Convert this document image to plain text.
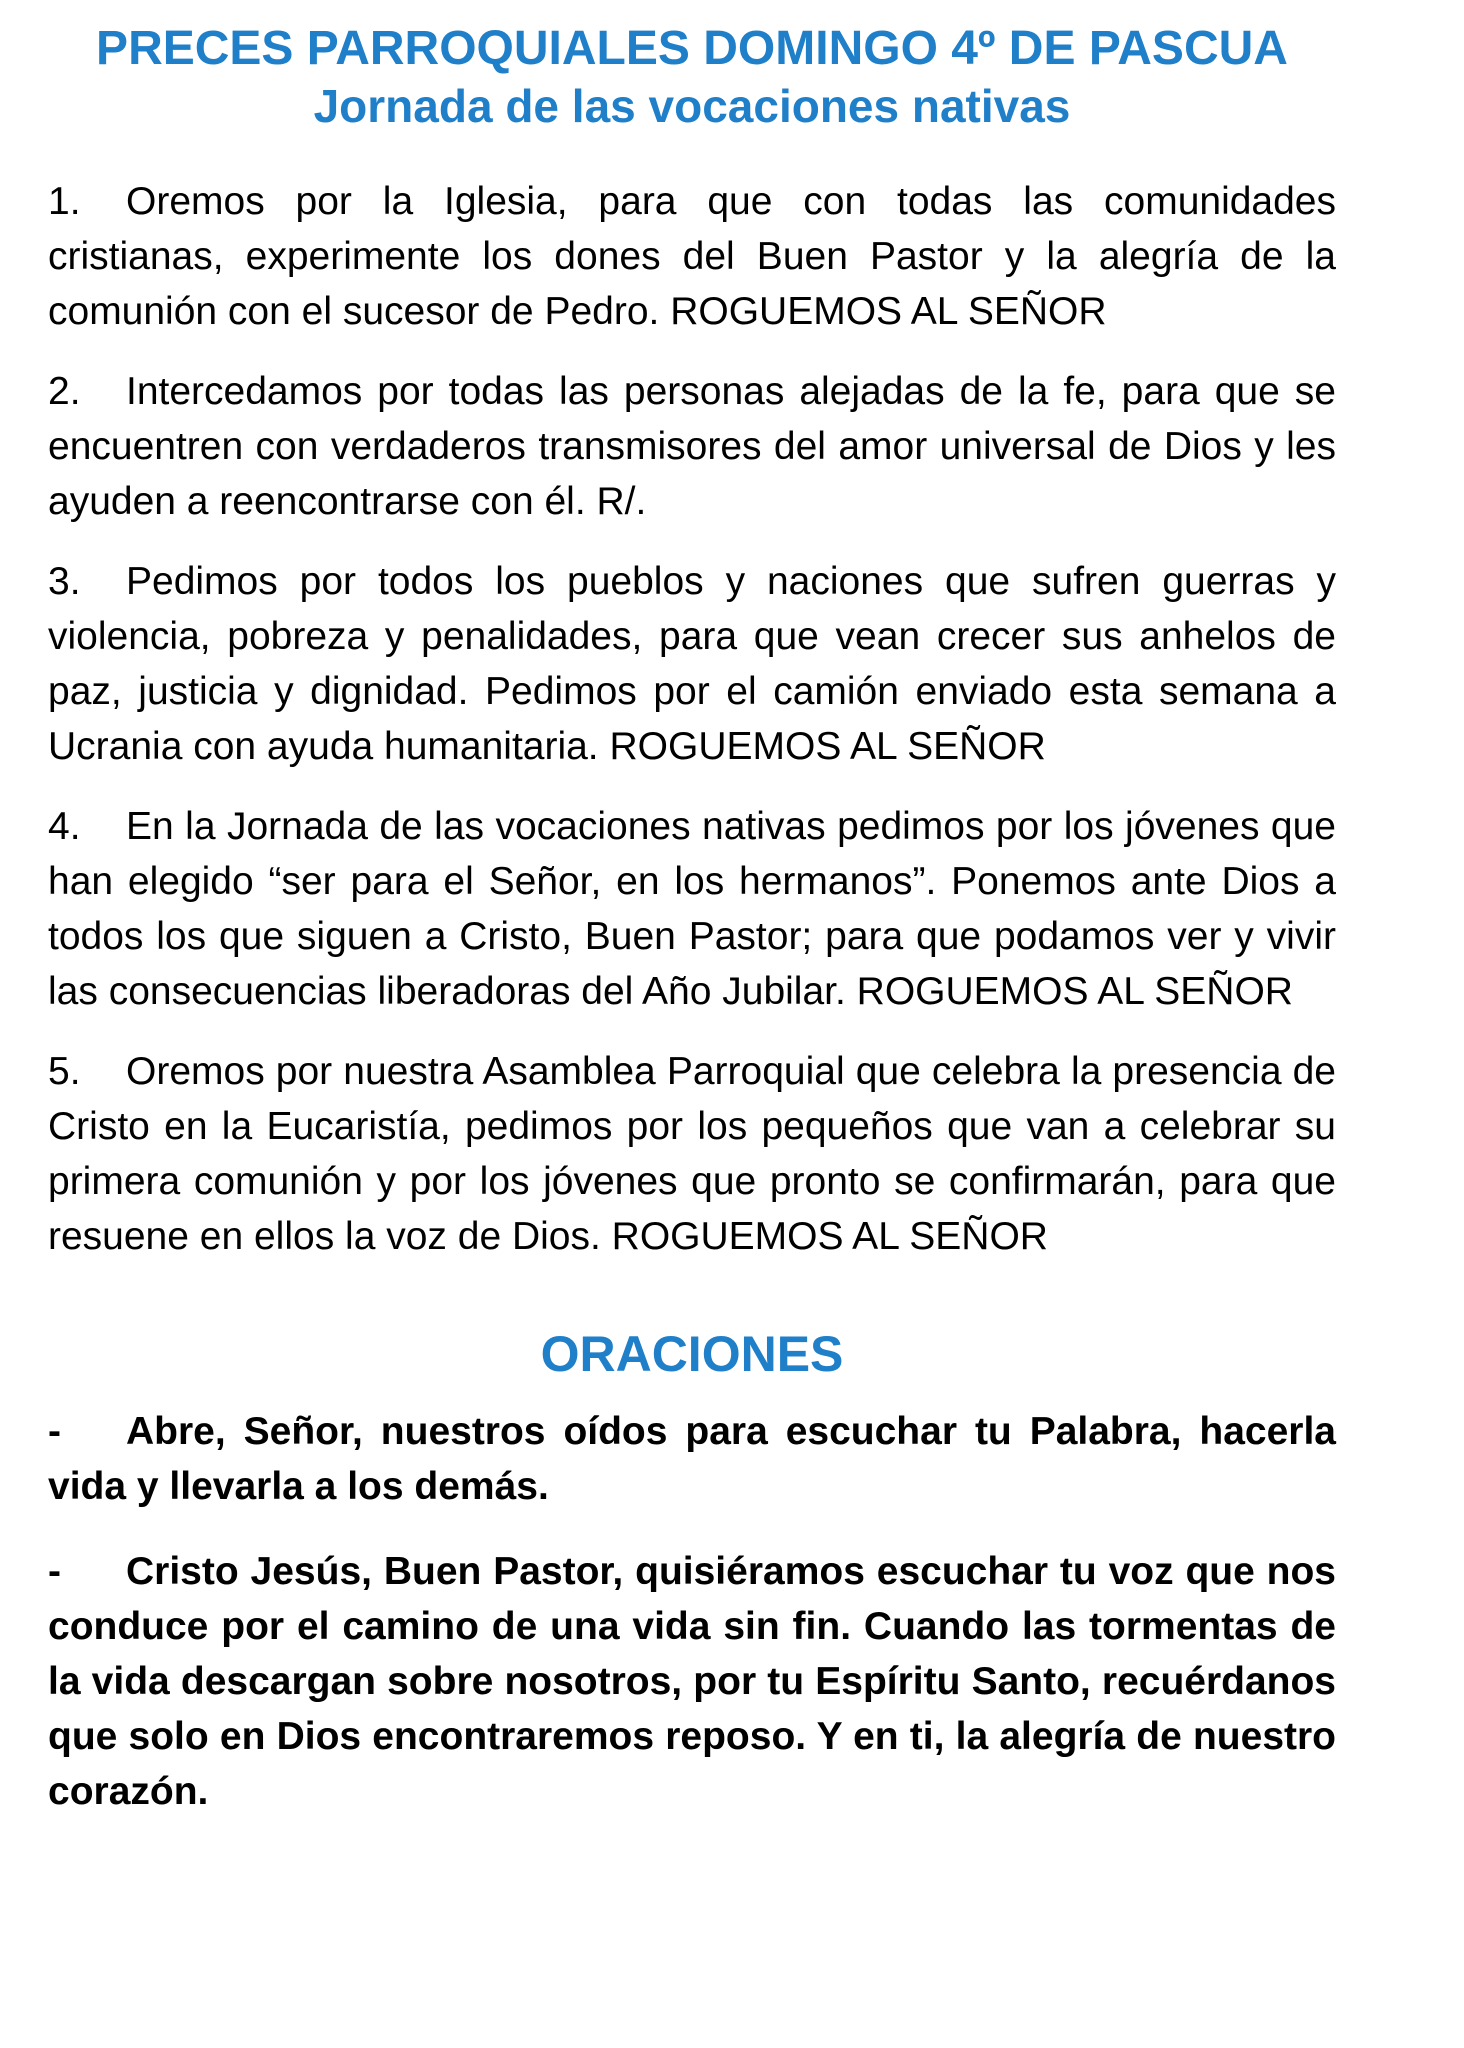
PRECES PARROQUIALES DOMINGO 4º DE PASCUA
Jornada de las vocaciones nativas

1. Oremos por la Iglesia, para que con todas las comunidades cristianas, experimente los dones del Buen Pastor y la alegría de la comunión con el sucesor de Pedro. ROGUEMOS AL SEÑOR

2. Intercedamos por todas las personas alejadas de la fe, para que se encuentren con verdaderos transmisores del amor universal de Dios y les ayuden a reencontrarse con él. R/.

3. Pedimos por todos los pueblos y naciones que sufren guerras y violencia, pobreza y penalidades, para que vean crecer sus anhelos de paz, justicia y dignidad. Pedimos por el camión enviado esta semana a Ucrania con ayuda humanitaria. ROGUEMOS AL SEÑOR

4. En la Jornada de las vocaciones nativas pedimos por los jóvenes que han elegido “ser para el Señor, en los hermanos”. Ponemos ante Dios a todos los que siguen a Cristo, Buen Pastor; para que podamos ver y vivir las consecuencias liberadoras del Año Jubilar. ROGUEMOS AL SEÑOR

5. Oremos por nuestra Asamblea Parroquial que celebra la presencia de Cristo en la Eucaristía, pedimos por los pequeños que van a celebrar su primera comunión y por los jóvenes que pronto se confirmarán, para que resuene en ellos la voz de Dios. ROGUEMOS AL SEÑOR

ORACIONES

- Abre, Señor, nuestros oídos para escuchar tu Palabra, hacerla vida y llevarla a los demás.

- Cristo Jesús, Buen Pastor, quisiéramos escuchar tu voz que nos conduce por el camino de una vida sin fin. Cuando las tormentas de la vida descargan sobre nosotros, por tu Espíritu Santo, recuérdanos que solo en Dios encontraremos reposo. Y en ti, la alegría de nuestro corazón.
